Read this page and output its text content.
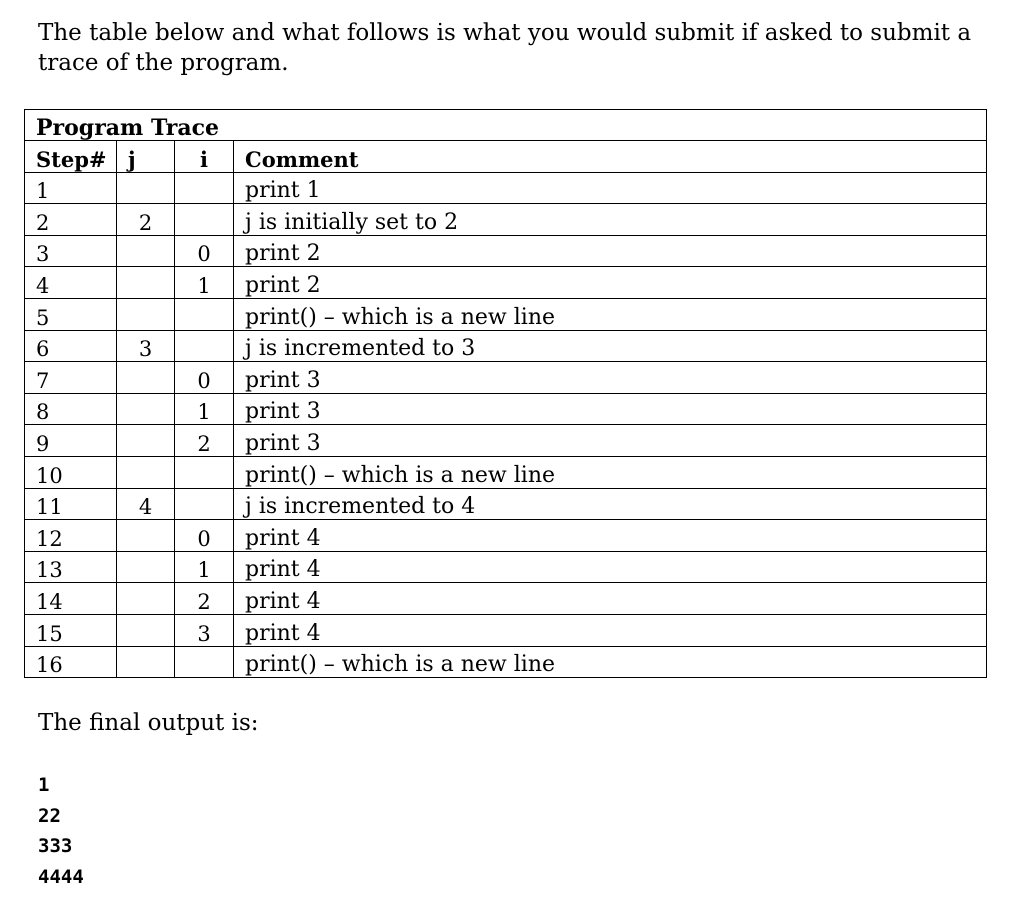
The table below and what follows is what you would submit if asked to submit a trace of the program.

Program Trace			
Step#	j	i	Comment
1			print 1
2	2		j is initially set to 2
3		0	print 2
4		1	print 2
5			print() – which is a new line
6	3		j is incremented to 3
7		0	print 3
8		1	print 3
9		2	print 3
10			print() – which is a new line
11	4		j is incremented to 4
12		0	print 4
13		1	print 4
14		2	print 4
15		3	print 4
16			print() – which is a new line

The final output is:

1
22
333
4444
